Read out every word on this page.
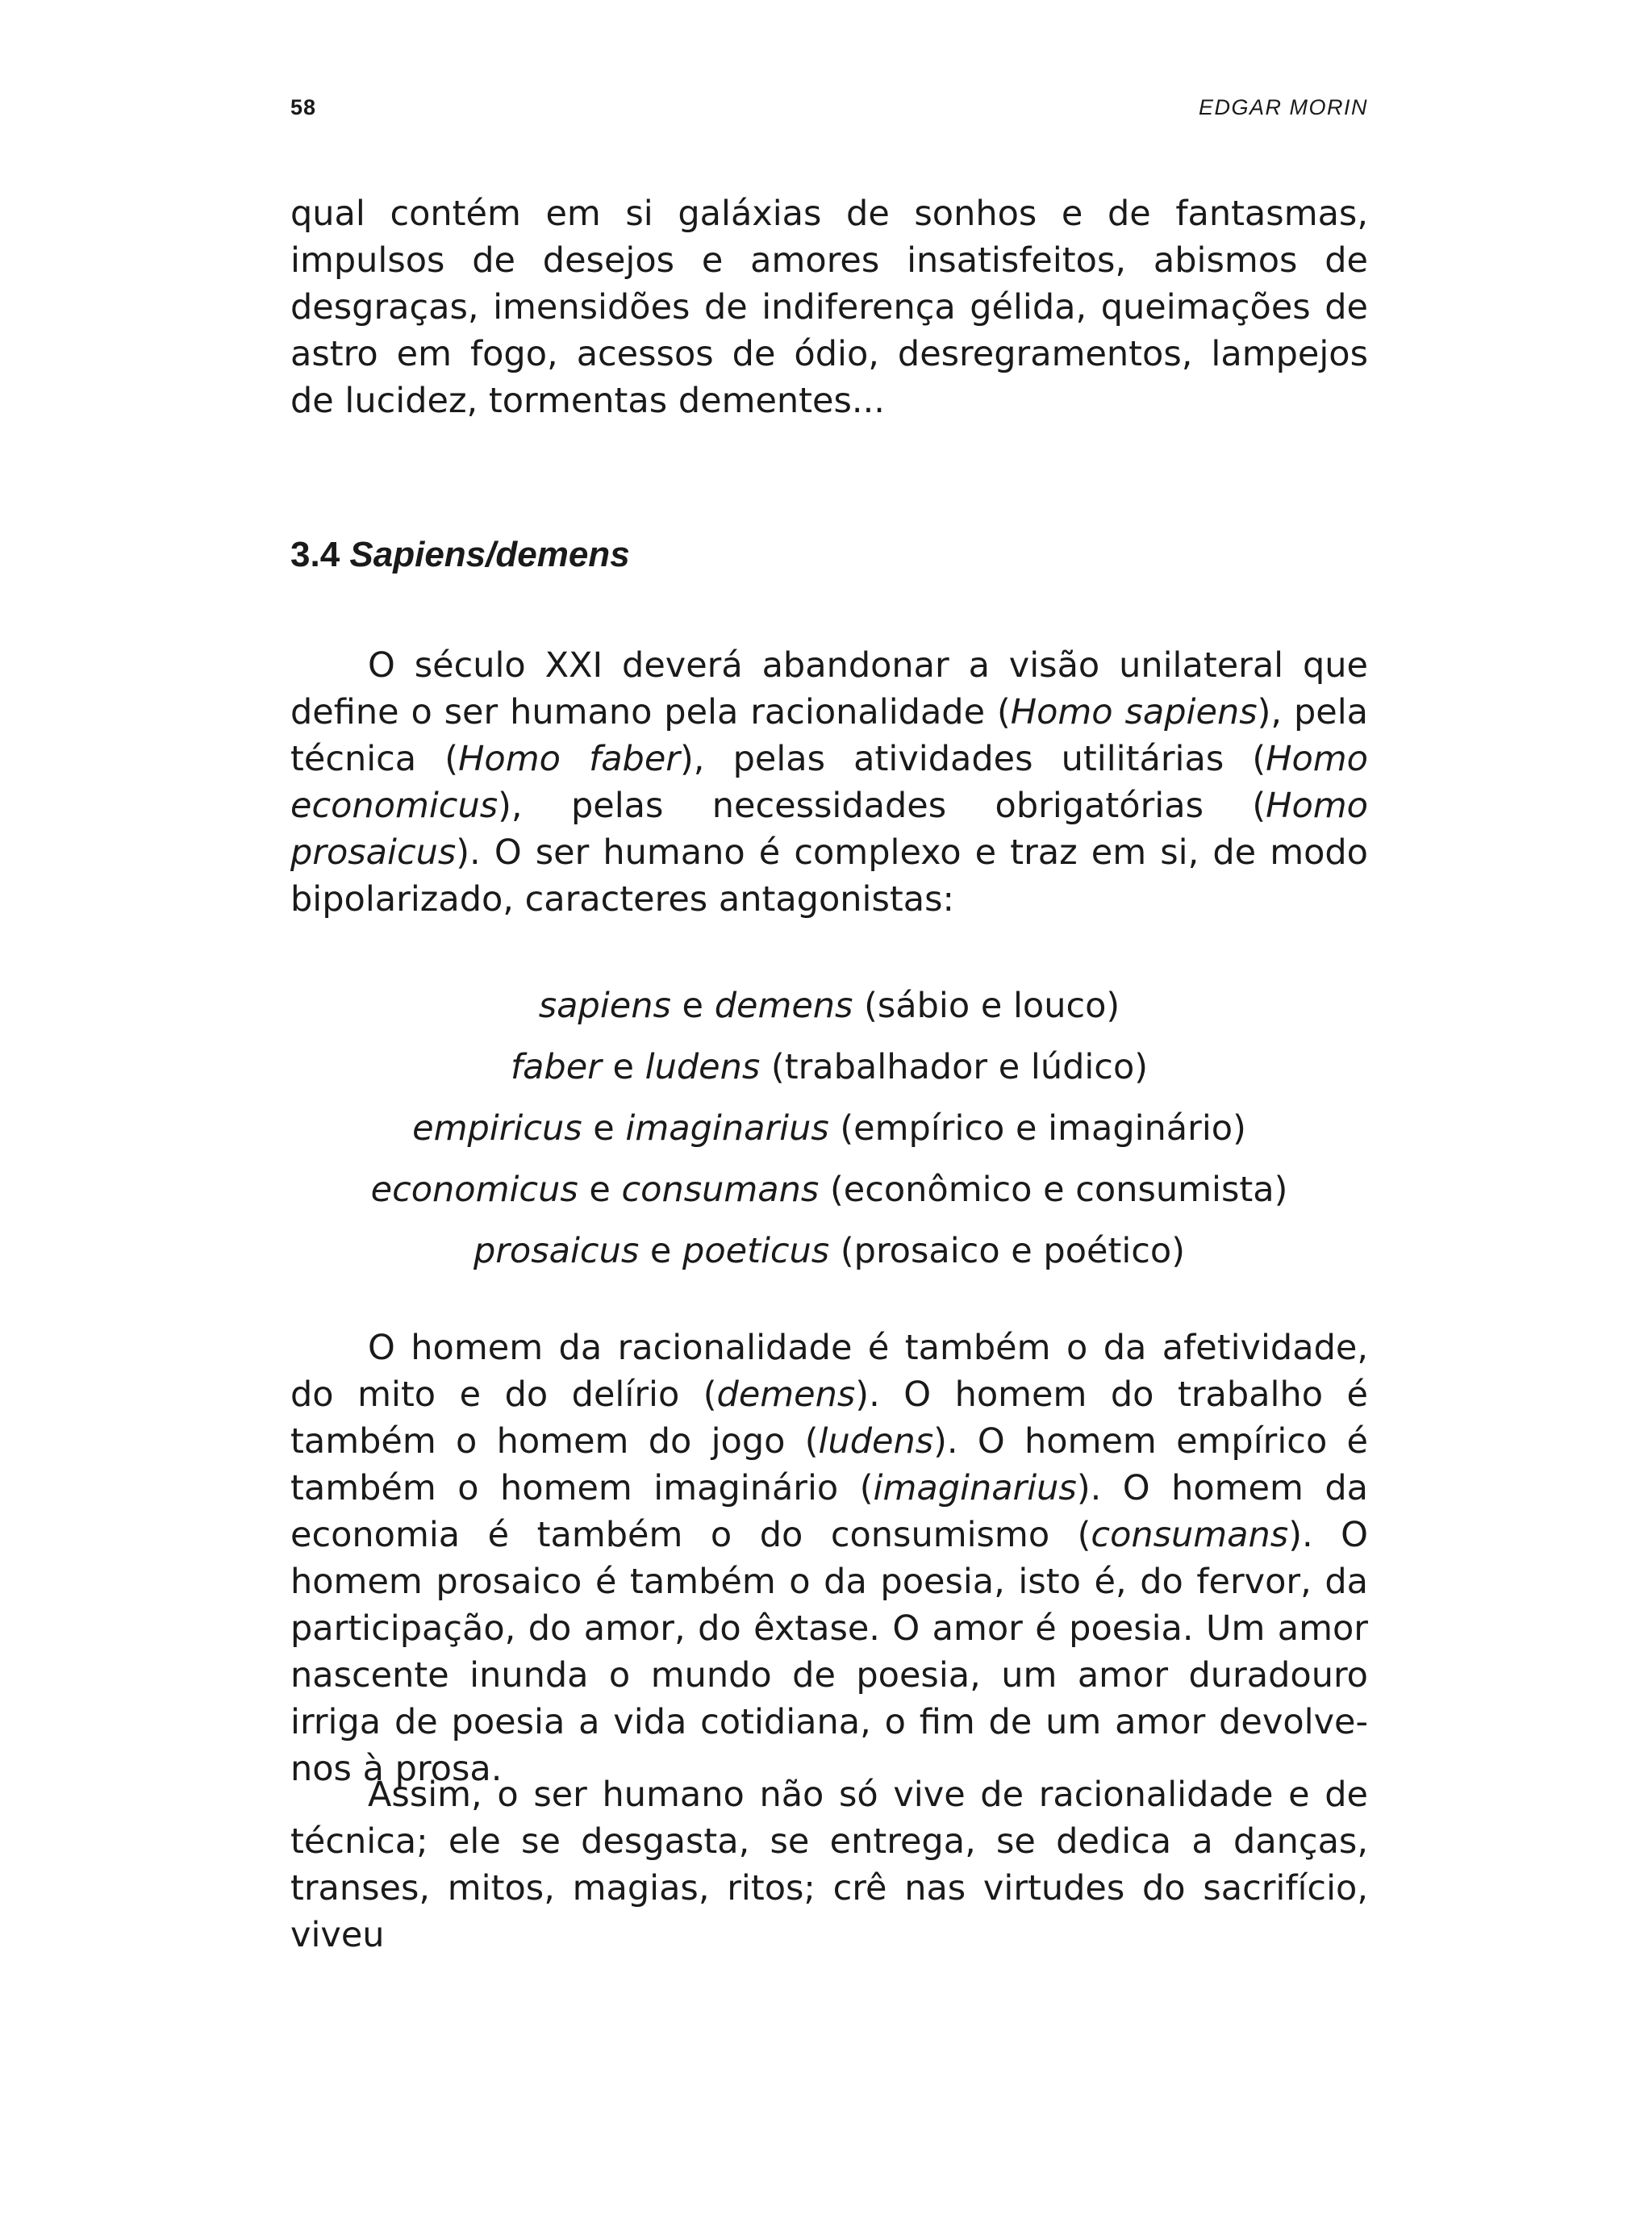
58	EDGAR MORIN

qual contém em si galáxias de sonhos e de fantasmas, impulsos de desejos e amores insatisfeitos, abismos de desgraças, imensidões de indiferença gélida, queimações de astro em fogo, acessos de ódio, desregramentos, lampejos de lucidez, tormentas dementes...

3.4 Sapiens/demens

O século XXI deverá abandonar a visão unilateral que define o ser humano pela racionalidade (Homo sapiens), pela técnica (Homo faber), pelas atividades utilitárias (Homo economicus), pelas necessidades obrigatórias (Homo prosaicus). O ser humano é complexo e traz em si, de modo bipolarizado, caracteres antagonistas:

sapiens e demens (sábio e louco)
faber e ludens (trabalhador e lúdico)
empiricus e imaginarius (empírico e imaginário)
economicus e consumans (econômico e consumista)
prosaicus e poeticus (prosaico e poético)

O homem da racionalidade é também o da afetividade, do mito e do delírio (demens). O homem do trabalho é também o homem do jogo (ludens). O homem empírico é também o homem imaginário (imaginarius). O homem da economia é também o do consumismo (consumans). O homem prosaico é também o da poesia, isto é, do fervor, da participação, do amor, do êxtase. O amor é poesia. Um amor nascente inunda o mundo de poesia, um amor duradouro irriga de poesia a vida cotidiana, o fim de um amor devolve-nos à prosa.

Assim, o ser humano não só vive de racionalidade e de técnica; ele se desgasta, se entrega, se dedica a danças, transes, mitos, magias, ritos; crê nas virtudes do sacrifício, viveu
